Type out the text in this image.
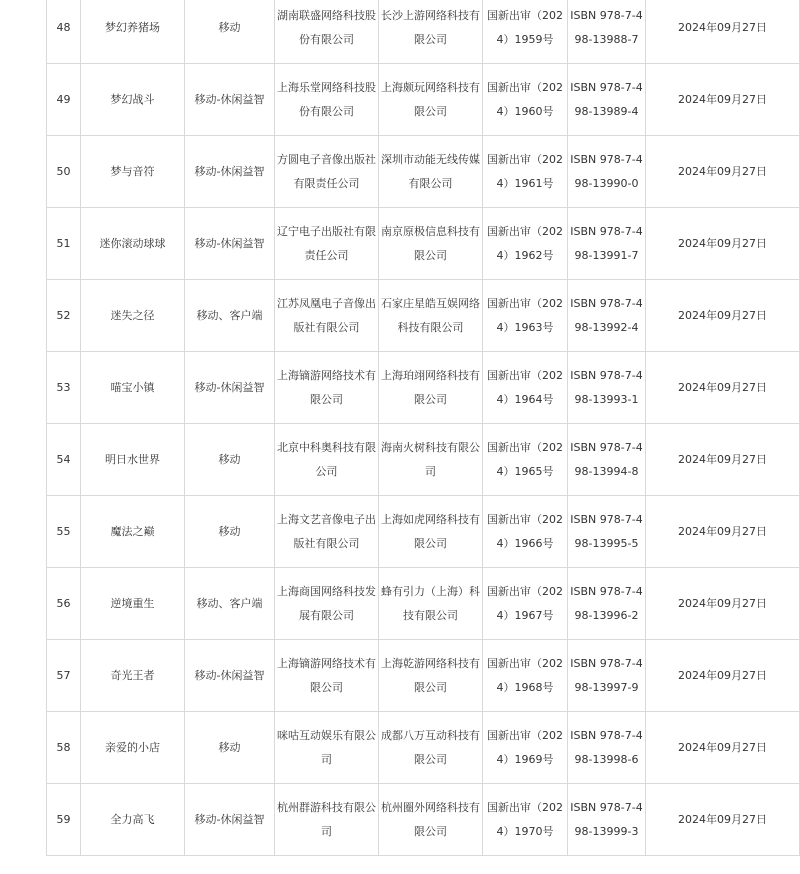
48	梦幻养猪场	移动	湖南联盛网络科技股份有限公司	长沙上游网络科技有限公司	国新出审（2024）1959号	ISBN 978-7-498-13988-7	2024年09月27日
49	梦幻战斗	移动-休闲益智	上海乐堂网络科技股份有限公司	上海颇玩网络科技有限公司	国新出审（2024）1960号	ISBN 978-7-498-13989-4	2024年09月27日
50	梦与音符	移动-休闲益智	方圆电子音像出版社有限责任公司	深圳市动能无线传媒有限公司	国新出审（2024）1961号	ISBN 978-7-498-13990-0	2024年09月27日
51	迷你滚动球球	移动-休闲益智	辽宁电子出版社有限责任公司	南京原极信息科技有限公司	国新出审（2024）1962号	ISBN 978-7-498-13991-7	2024年09月27日
52	迷失之径	移动、客户端	江苏凤凰电子音像出版社有限公司	石家庄星皓互娱网络科技有限公司	国新出审（2024）1963号	ISBN 978-7-498-13992-4	2024年09月27日
53	喵宝小镇	移动-休闲益智	上海镝游网络技术有限公司	上海珀翊网络科技有限公司	国新出审（2024）1964号	ISBN 978-7-498-13993-1	2024年09月27日
54	明日水世界	移动	北京中科奥科技有限公司	海南火树科技有限公司	国新出审（2024）1965号	ISBN 978-7-498-13994-8	2024年09月27日
55	魔法之巅	移动	上海文艺音像电子出版社有限公司	上海如虎网络科技有限公司	国新出审（2024）1966号	ISBN 978-7-498-13995-5	2024年09月27日
56	逆境重生	移动、客户端	上海商国网络科技发展有限公司	蜂有引力（上海）科技有限公司	国新出审（2024）1967号	ISBN 978-7-498-13996-2	2024年09月27日
57	奇光王者	移动-休闲益智	上海镝游网络技术有限公司	上海乾游网络科技有限公司	国新出审（2024）1968号	ISBN 978-7-498-13997-9	2024年09月27日
58	亲爱的小店	移动	咪咕互动娱乐有限公司	成都八万互动科技有限公司	国新出审（2024）1969号	ISBN 978-7-498-13998-6	2024年09月27日
59	全力高飞	移动-休闲益智	杭州群游科技有限公司	杭州圈外网络科技有限公司	国新出审（2024）1970号	ISBN 978-7-498-13999-3	2024年09月27日
